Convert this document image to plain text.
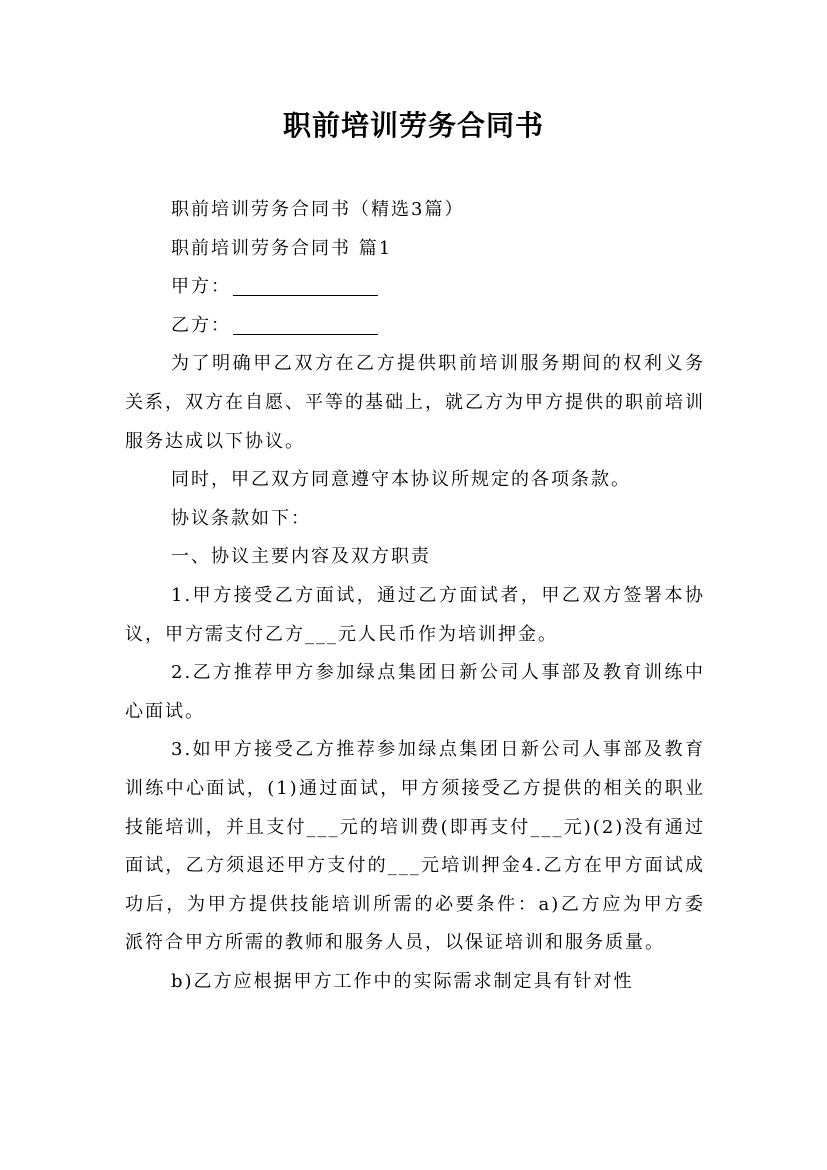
职前培训劳务合同书

职前培训劳务合同书（精选3篇）

职前培训劳务合同书 篇1

甲方：

乙方：

为了明确甲乙双方在乙方提供职前培训服务期间的权利义务关系，双方在自愿、平等的基础上，就乙方为甲方提供的职前培训服务达成以下协议。

同时，甲乙双方同意遵守本协议所规定的各项条款。

协议条款如下：

一、协议主要内容及双方职责

1.甲方接受乙方面试，通过乙方面试者，甲乙双方签署本协议，甲方需支付乙方___元人民币作为培训押金。

2.乙方推荐甲方参加绿点集团日新公司人事部及教育训练中心面试。

3.如甲方接受乙方推荐参加绿点集团日新公司人事部及教育训练中心面试，(1)通过面试，甲方须接受乙方提供的相关的职业技能培训，并且支付___元的培训费(即再支付___元)(2)没有通过面试，乙方须退还甲方支付的___元培训押金4.乙方在甲方面试成功后，为甲方提供技能培训所需的必要条件：a)乙方应为甲方委派符合甲方所需的教师和服务人员，以保证培训和服务质量。

b)乙方应根据甲方工作中的实际需求制定具有针对性
